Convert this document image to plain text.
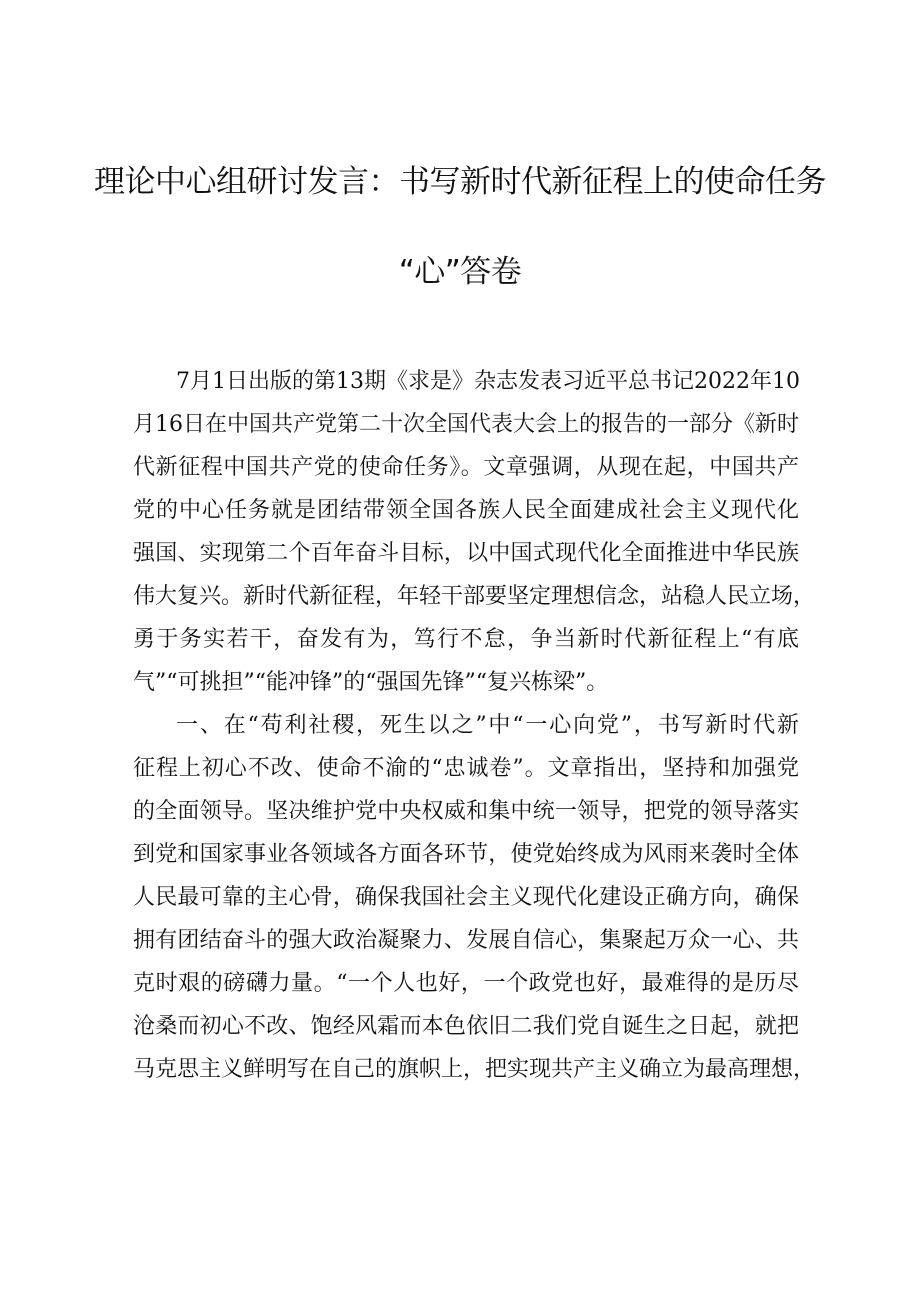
理论中心组研讨发言：书写新时代新征程上的使命任务
“心”答卷

7月1日出版的第13期《求是》杂志发表习近平总书记2022年10

月16日在中国共产党第二十次全国代表大会上的报告的一部分《新时

代新征程中国共产党的使命任务》。文章强调，从现在起，中国共产

党的中心任务就是团结带领全国各族人民全面建成社会主义现代化

强国、实现第二个百年奋斗目标，以中国式现代化全面推进中华民族

伟大复兴。新时代新征程，年轻干部要坚定理想信念，站稳人民立场，

勇于务实若干，奋发有为，笃行不怠，争当新时代新征程上“有底

气”“可挑担”“能冲锋”的“强国先锋”“复兴栋梁”。

一、在“苟利社稷，死生以之”中“一心向党”，书写新时代新

征程上初心不改、使命不渝的“忠诚卷”。文章指出，坚持和加强党

的全面领导。坚决维护党中央权威和集中统一领导，把党的领导落实

到党和国家事业各领域各方面各环节，使党始终成为风雨来袭时全体

人民最可靠的主心骨，确保我国社会主义现代化建设正确方向，确保

拥有团结奋斗的强大政治凝聚力、发展自信心，集聚起万众一心、共

克时艰的磅礴力量。“一个人也好，一个政党也好，最难得的是历尽

沧桑而初心不改、饱经风霜而本色依旧二我们党自诞生之日起，就把

马克思主义鲜明写在自己的旗帜上，把实现共产主义确立为最高理想，
